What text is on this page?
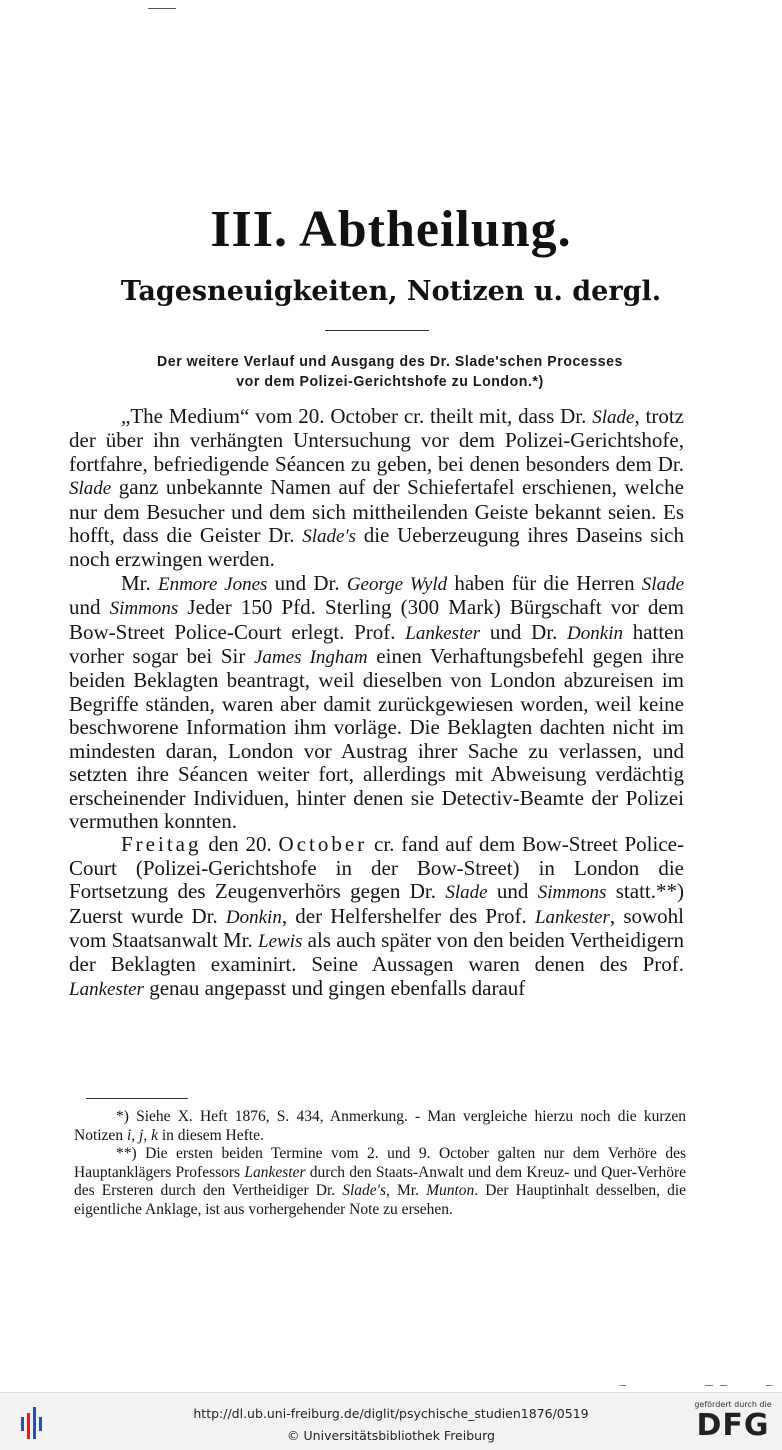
III. Abtheilung.
Tagesneuigkeiten, Notizen u. dergl.
Der weitere Verlauf und Ausgang des Dr. Slade'schen Processes
vor dem Polizei-Gerichtshofe zu London.*)

„The Medium“ vom 20. October cr. theilt mit, dass Dr. Slade, trotz der über ihn verhängten Untersuchung vor dem Polizei-Gerichtshofe, fortfahre, befriedigende Séancen zu geben, bei denen besonders dem Dr. Slade ganz unbekannte Namen auf der Schiefertafel erschienen, welche nur dem Besucher und dem sich mittheilenden Geiste bekannt seien. Es hofft, dass die Geister Dr. Slade's die Ueberzeugung ihres Daseins sich noch erzwingen werden.

Mr. Enmore Jones und Dr. George Wyld haben für die Herren Slade und Simmons Jeder 150 Pfd. Sterling (300 Mark) Bürgschaft vor dem Bow-Street Police-Court erlegt. Prof. Lankester und Dr. Donkin hatten vorher sogar bei Sir James Ingham einen Verhaftungsbefehl gegen ihre beiden Beklagten beantragt, weil dieselben von London abzureisen im Begriffe ständen, waren aber damit zurückgewiesen worden, weil keine beschworene Information ihm vorläge. Die Beklagten dachten nicht im mindesten daran, London vor Austrag ihrer Sache zu verlassen, und setzten ihre Séancen weiter fort, allerdings mit Abweisung verdächtig erscheinender Individuen, hinter denen sie Detectiv-Beamte der Polizei vermuthen konnten.

Freitag den 20. October cr. fand auf dem Bow-Street Police-Court (Polizei-Gerichtshofe in der Bow-Street) in London die Fortsetzung des Zeugenverhörs gegen Dr. Slade und Simmons statt.**) Zuerst wurde Dr. Donkin, der Helfershelfer des Prof. Lankester, sowohl vom Staatsanwalt Mr. Lewis als auch später von den beiden Vertheidigern der Beklagten examinirt. Seine Aussagen waren denen des Prof. Lankester genau angepasst und gingen ebenfalls darauf

*) Siehe X. Heft 1876, S. 434, Anmerkung. - Man vergleiche hierzu noch die kurzen Notizen i, j, k in diesem Hefte.

**) Die ersten beiden Termine vom 2. und 9. October galten nur dem Verhöre des Hauptanklägers Professors Lankester durch den Staats-Anwalt und dem Kreuz- und Quer-Verhöre des Ersteren durch den Vertheidiger Dr. Slade's, Mr. Munton. Der Hauptinhalt desselben, die eigentliche Anklage, ist aus vorhergehender Note zu ersehen.

http://dl.ub.uni-freiburg.de/diglit/psychische_studien1876/0519
© Universitätsbibliothek Freiburg
gefördert durch die
DFG
